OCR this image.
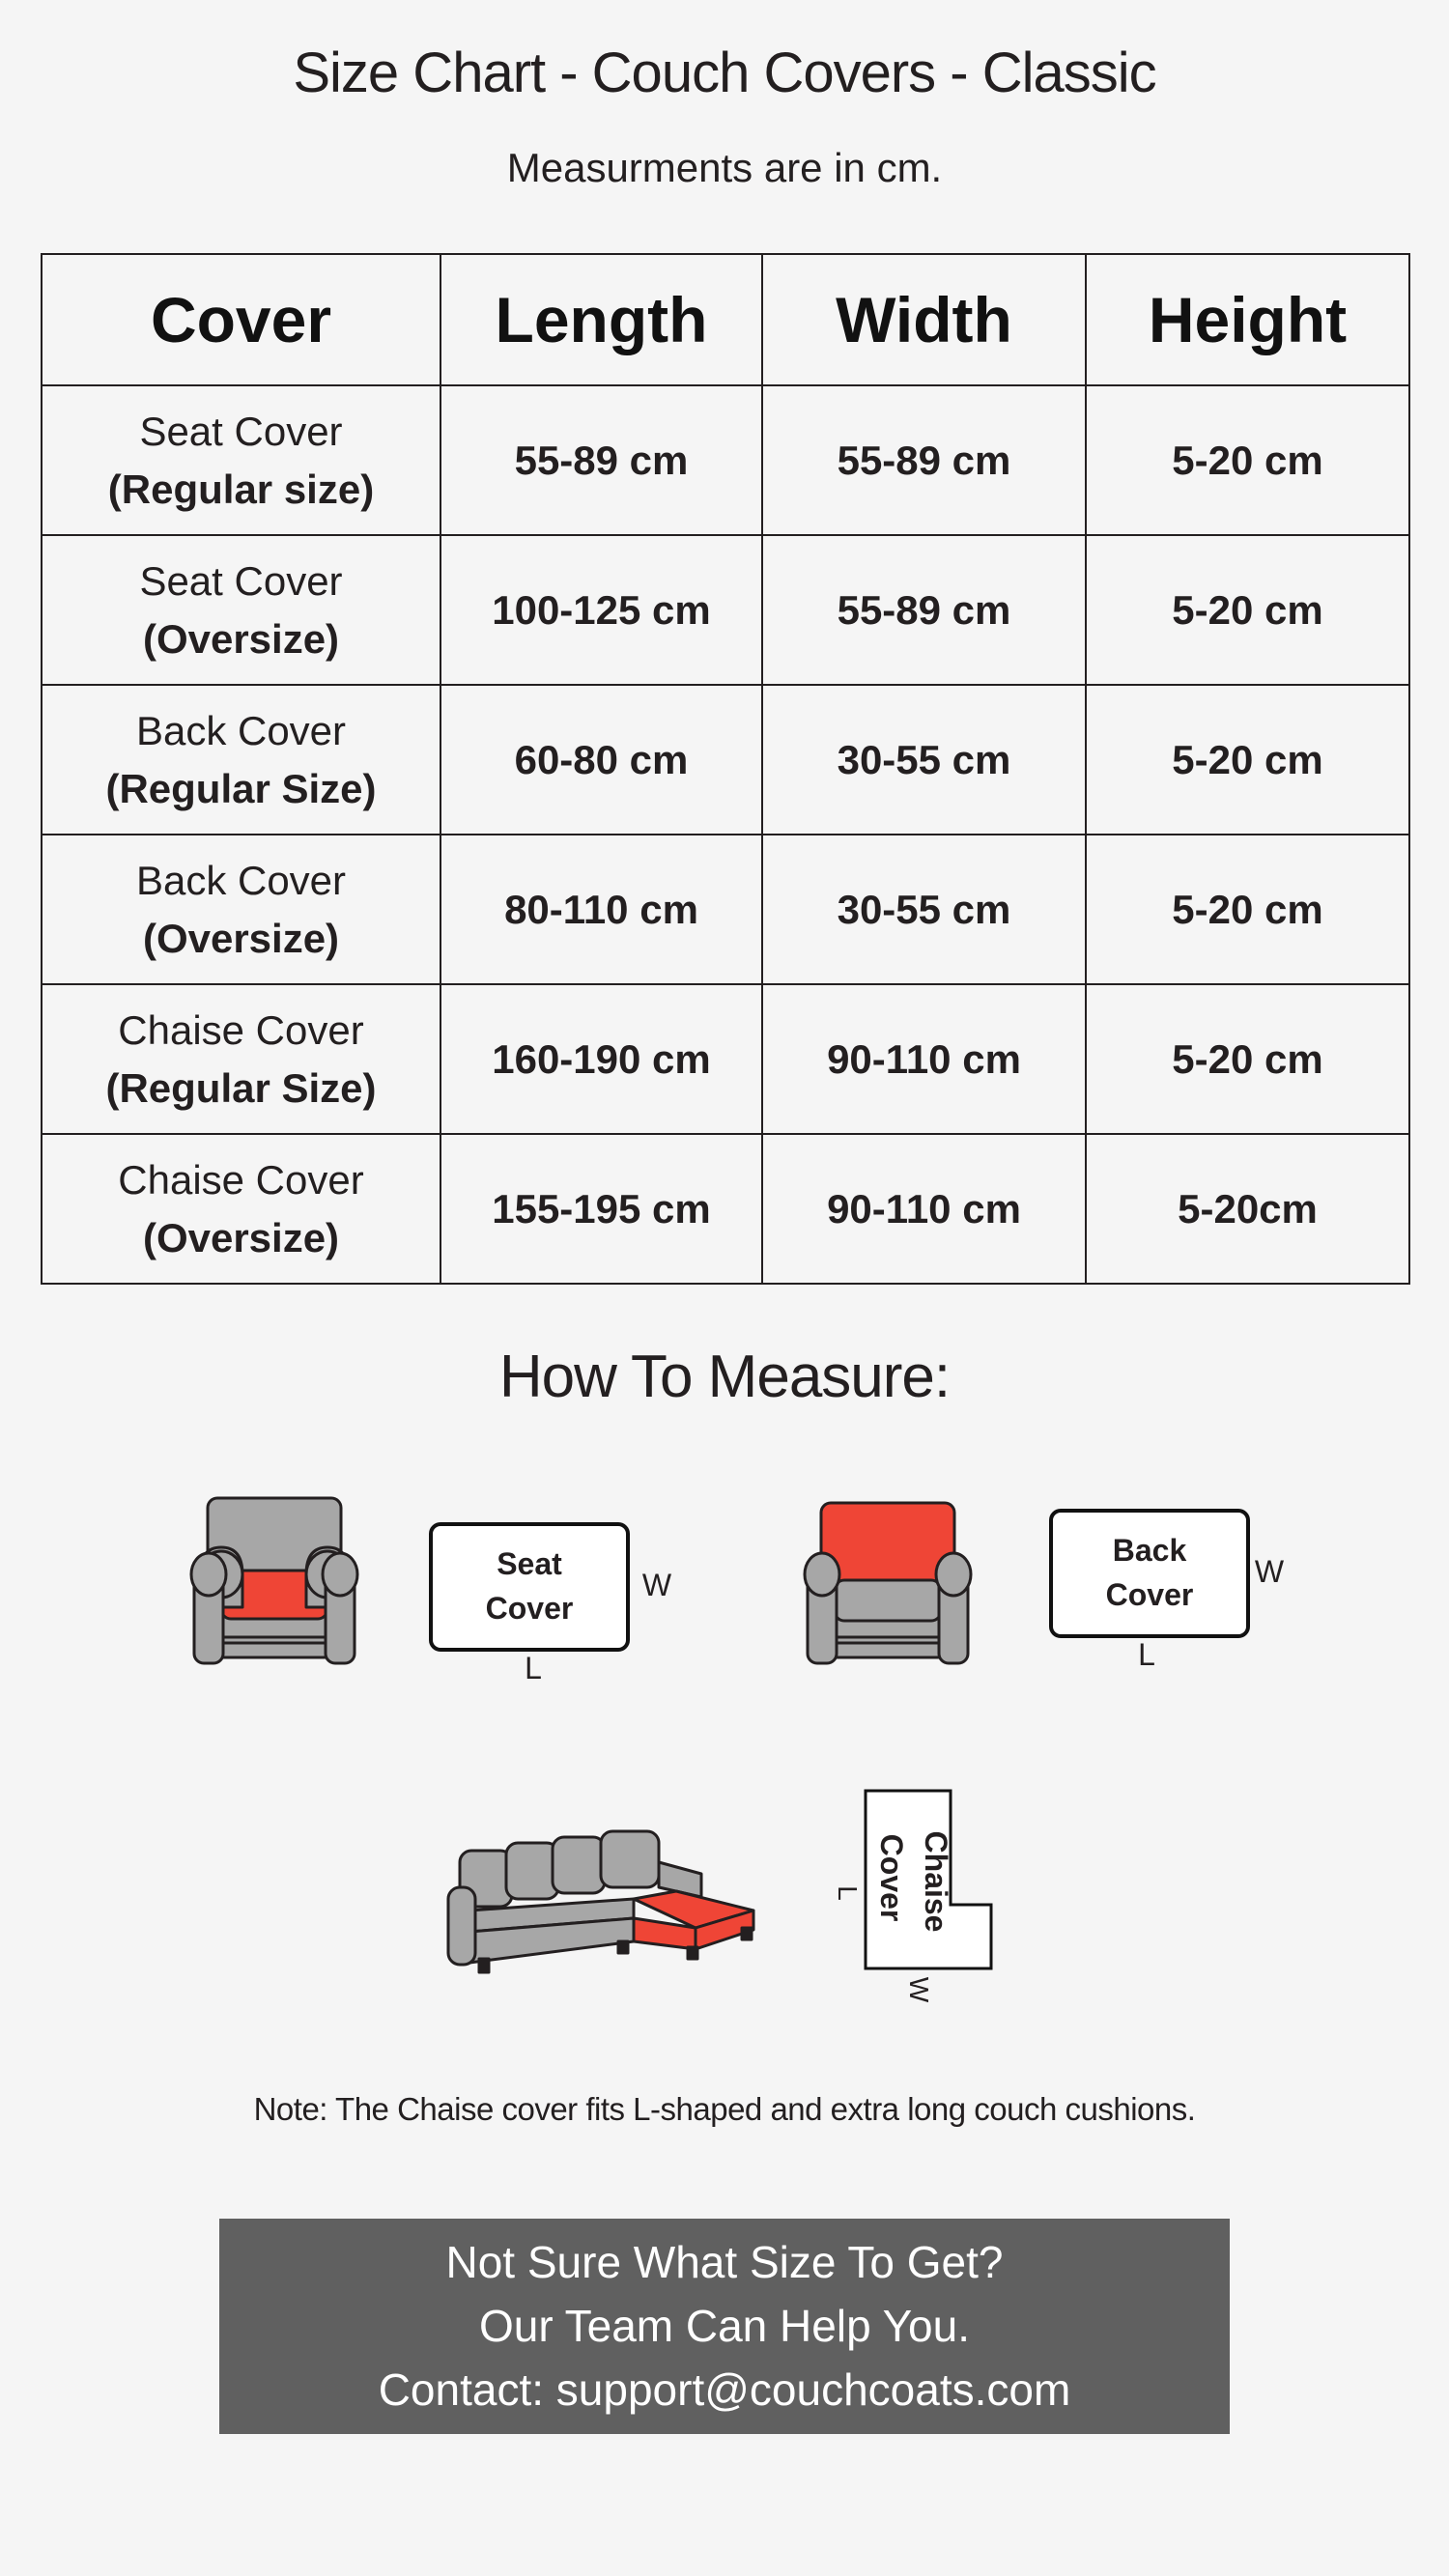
Size Chart - Couch Covers - Classic
Measurments are in cm.
Cover	Length	Width	Height

Seat Cover
(Regular size)	55-89 cm	55-89 cm	5-20 cm

Seat Cover
(Oversize)	100-125 cm	55-89 cm	5-20 cm

Back Cover
(Regular Size)	60-80 cm	30-55 cm	5-20 cm

Back Cover
(Oversize)	80-110 cm	30-55 cm	5-20 cm

Chaise Cover
(Regular Size)	160-190 cm	90-110 cm	5-20 cm

Chaise Cover
(Oversize)	155-195 cm	90-110 cm	5-20cm
How To Measure:
Seat
Cover
W
L
Back
Cover
W
L
Chaise
Cover
L
W
Note: The Chaise cover fits L-shaped and extra long couch cushions.
Not Sure What Size To Get?
Our Team Can Help You.
Contact: support@couchcoats.com
